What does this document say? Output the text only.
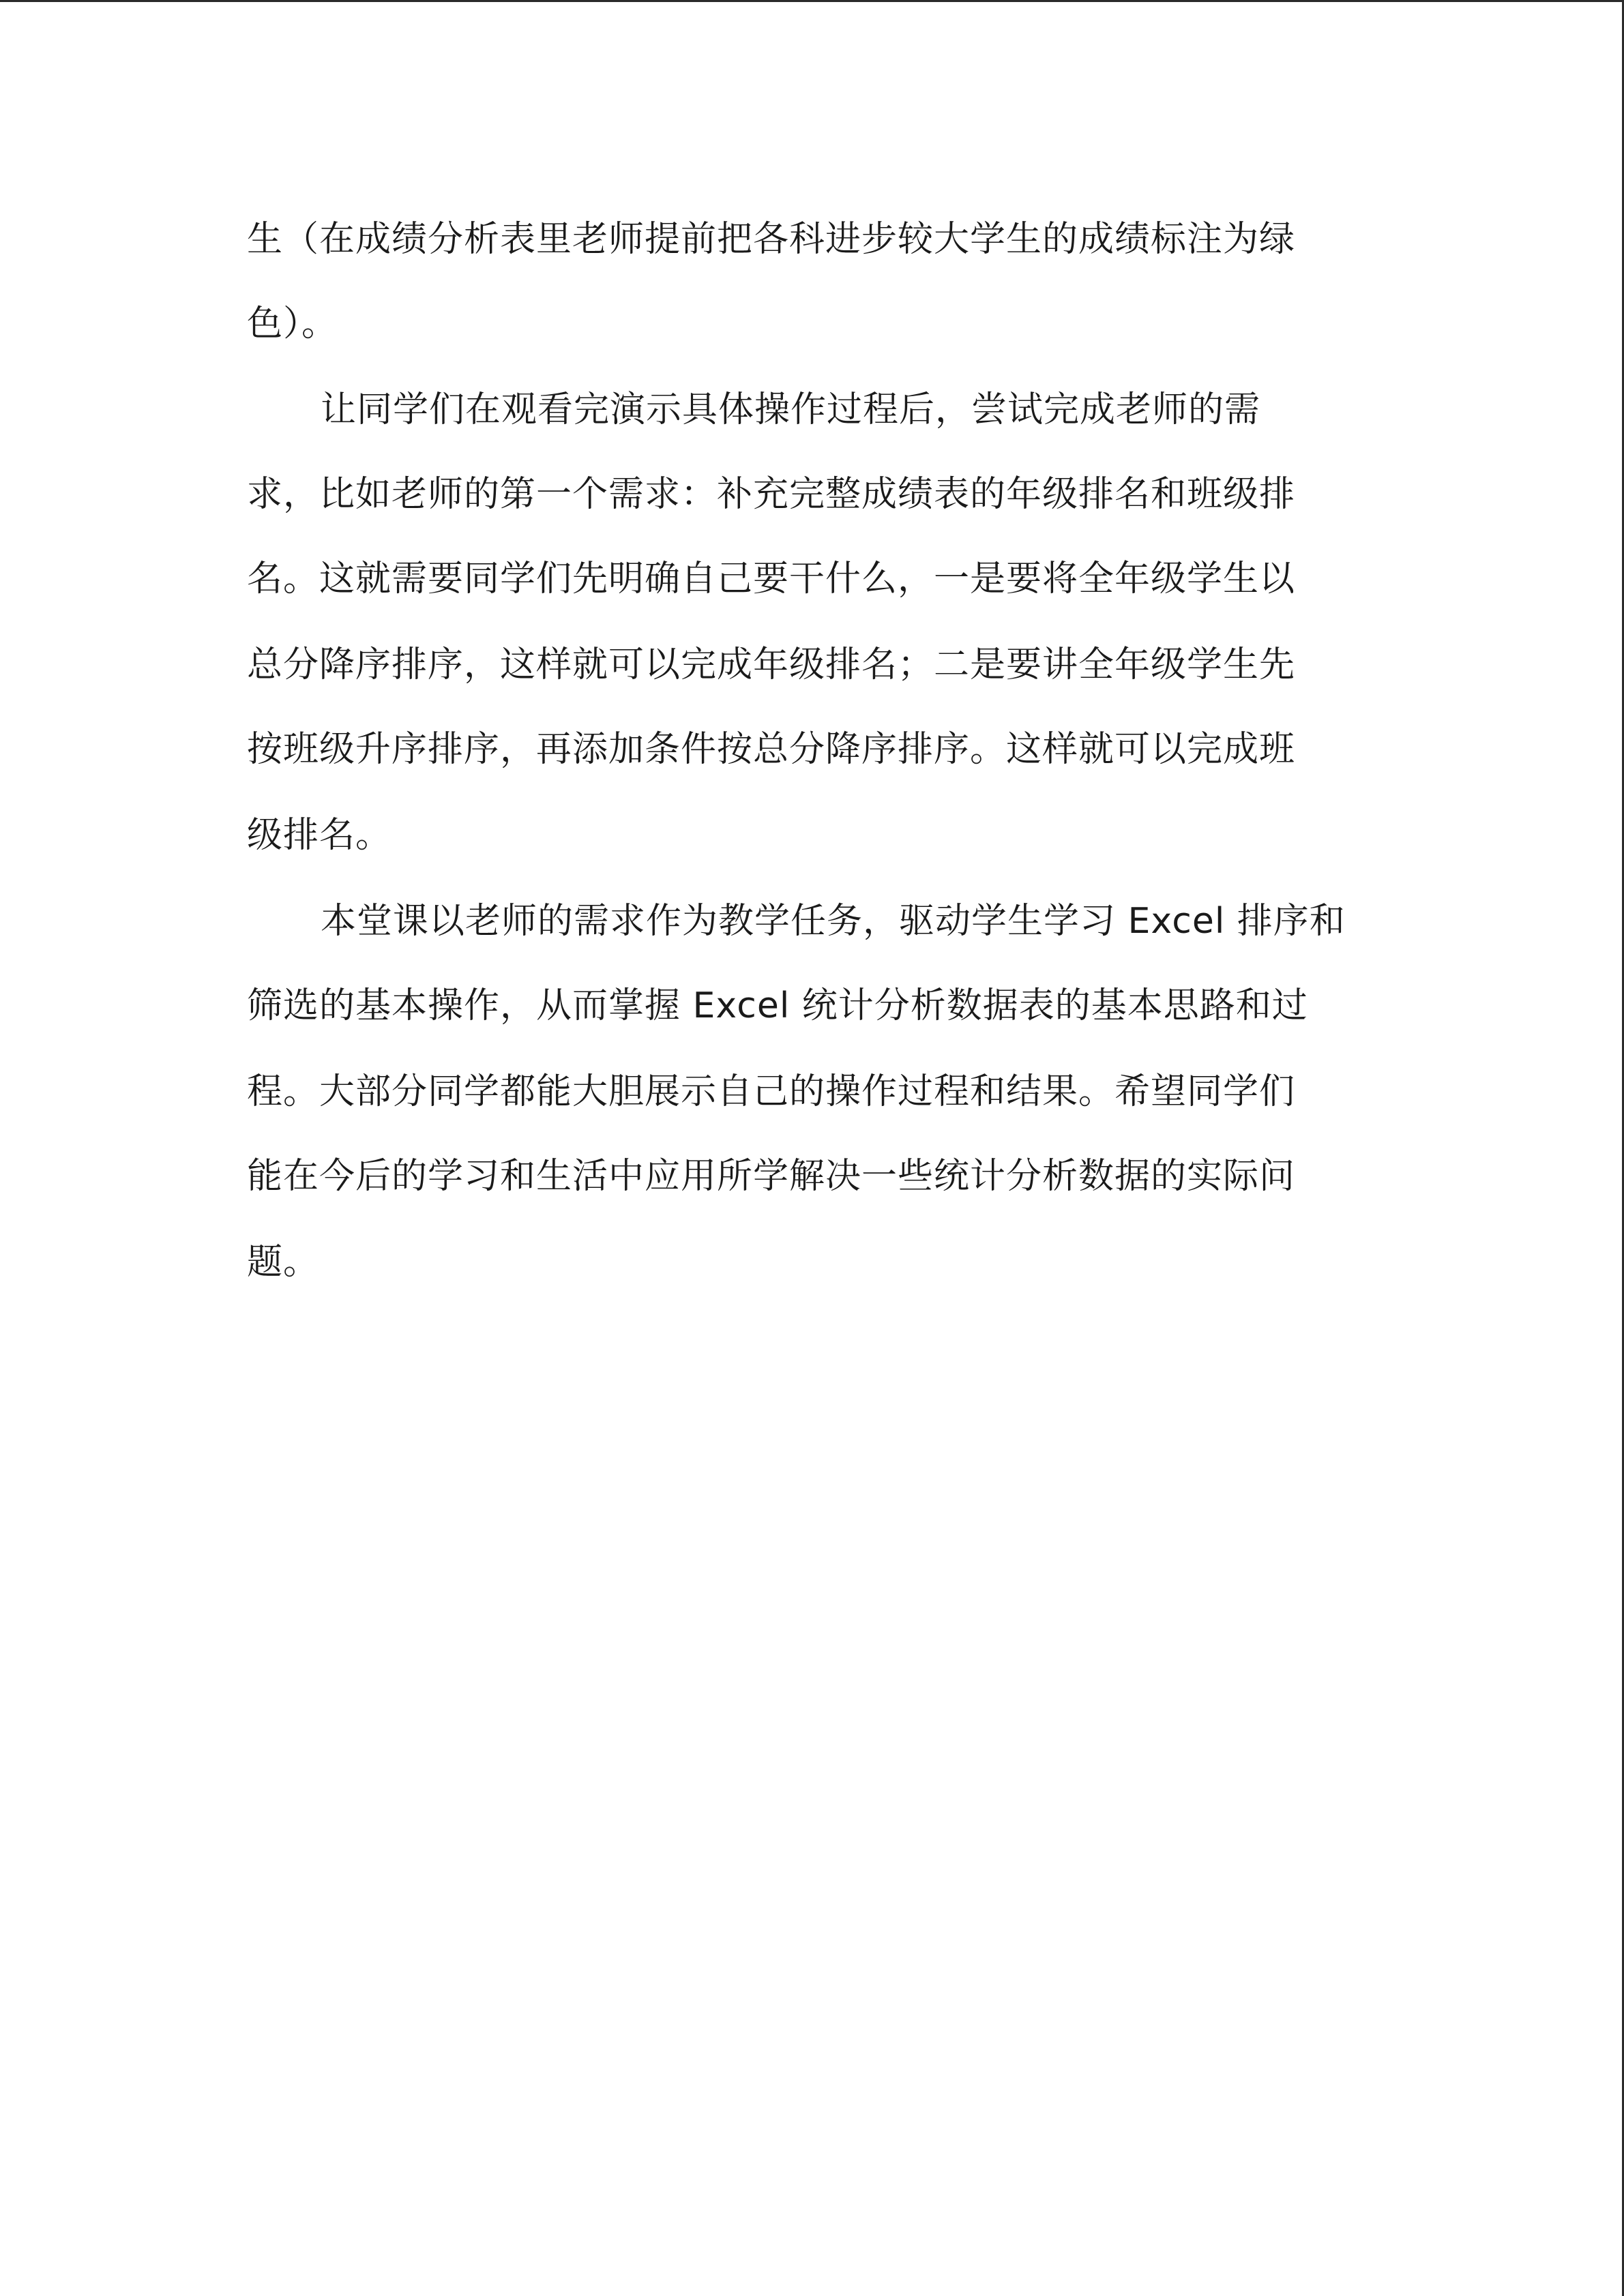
生（在成绩分析表里老师提前把各科进步较大学生的成绩标注为绿
色）。
让同学们在观看完演示具体操作过程后，尝试完成老师的需
求，比如老师的第一个需求：补充完整成绩表的年级排名和班级排
名。这就需要同学们先明确自己要干什么，一是要将全年级学生以
总分降序排序，这样就可以完成年级排名；二是要讲全年级学生先
按班级升序排序，再添加条件按总分降序排序。这样就可以完成班
级排名。
本堂课以老师的需求作为教学任务，驱动学生学习 Excel 排序和
筛选的基本操作，从而掌握 Excel 统计分析数据表的基本思路和过
程。大部分同学都能大胆展示自己的操作过程和结果。希望同学们
能在今后的学习和生活中应用所学解决一些统计分析数据的实际问
题。
